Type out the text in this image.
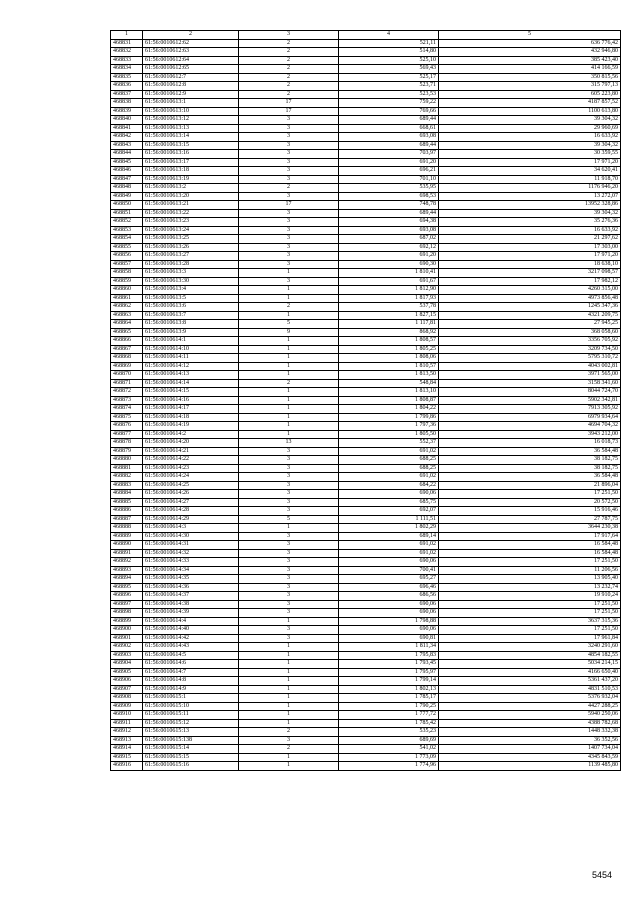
1	2	3	4	5
468831	61:56:0010612:62	2	521,11	636 776,42
468832	61:56:0010612:63	2	514,80	432 946,80
468833	61:56:0010612:64	2	525,10	385 423,40
468834	61:56:0010612:65	2	569,43	414 166,59
468835	61:56:0010612:7	2	525,17	350 815,56
468836	61:56:0010612:8	2	523,71	315 797,13
468837	61:56:0010612:9	2	523,53	605 223,80
468838	61:56:0010613:1	17	759,22	4187 857,52
468839	61:56:0010613:10	17	769,66	1100 613,80
468840	61:56:0010613:12	3	689,44	39 304,32
468841	61:56:0010613:13	3	668,61	29 960,69
468842	61:56:0010613:14	3	693,08	16 633,92
468843	61:56:0010613:15	3	689,44	39 304,32
468844	61:56:0010613:16	3	703,97	30 359,55
468845	61:56:0010613:17	3	691,20	17 971,20
468846	61:56:0010613:18	3	696,21	34 620,41
468847	61:56:0010613:19	3	701,10	11 918,70
468848	61:56:0010613:2	2	535,95	1176 946,20
468849	61:56:0010613:20	3	698,53	13 272,07
468850	61:56:0010613:21	17	748,78	13952 328,86
468851	61:56:0010613:22	3	689,44	39 304,32
468852	61:56:0010613:23	3	694,38	35 276,36
468853	61:56:0010613:24	3	693,08	16 633,92
468854	61:56:0010613:25	3	687,02	21 297,62
468855	61:56:0010613:26	3	692,12	17 303,00
468856	61:56:0010613:27	3	691,20	17 971,20
468857	61:56:0010613:28	3	690,30	18 638,10
468858	61:56:0010613:3	1	1 810,41	3217 098,57
468859	61:56:0010613:30	3	691,67	17 982,12
468860	61:56:0010613:4	1	1 812,90	4260 315,00
468861	61:56:0010613:5	1	1 817,93	4973 856,48
468862	61:56:0010613:6	2	537,78	1245 347,36
468863	61:56:0010613:7	1	1 827,15	4321 209,75
468864	61:56:0010613:8	5	1 117,81	27 945,25
468865	61:56:0010613:9	9	868,92	368 058,60
468866	61:56:0010614:1	1	1 808,57	3356 705,92
468867	61:56:0010614:10	1	1 805,25	3209 734,50
468868	61:56:0010614:11	1	1 808,06	5795 310,72
468869	61:56:0010614:12	1	1 810,57	4043 002,81
468870	61:56:0010614:13	1	1 813,50	3971 565,00
468871	61:56:0010614:14	2	548,84	3158 341,60
468872	61:56:0010614:15	1	1 813,10	8044 724,70
468873	61:56:0010614:16	1	1 808,87	5902 342,81
468874	61:56:0010614:17	1	1 804,22	7913 305,92
468875	61:56:0010614:18	1	1 799,86	6979 934,64
468876	61:56:0010614:19	1	1 797,36	4694 704,32
468877	61:56:0010614:2	1	1 805,50	3943 212,00
468878	61:56:0010614:20	13	552,37	16 018,73
468879	61:56:0010614:21	3	691,02	36 584,48
468880	61:56:0010614:22	3	688,25	38 182,75
468881	61:56:0010614:23	3	688,25	38 182,75
468882	61:56:0010614:24	3	691,02	36 584,48
468883	61:56:0010614:25	3	684,22	21 896,04
468884	61:56:0010614:26	3	690,06	17 251,50
468885	61:56:0010614:27	3	685,75	20 572,50
468886	61:56:0010614:28	3	692,07	15 916,46
468887	61:56:0010614:29	5	1 111,51	27 787,75
468888	61:56:0010614:3	1	1 802,29	3644 230,38
468889	61:56:0010614:30	3	689,14	17 917,64
468890	61:56:0010614:31	3	691,02	16 584,48
468891	61:56:0010614:32	3	691,02	16 584,48
468892	61:56:0010614:33	3	690,06	17 251,50
468893	61:56:0010614:34	3	700,41	11 206,56
468894	61:56:0010614:35	3	695,27	13 905,40
468895	61:56:0010614:36	3	696,46	13 232,74
468896	61:56:0010614:37	3	686,56	19 910,24
468897	61:56:0010614:38	3	690,06	17 251,50
468898	61:56:0010614:39	3	690,06	17 251,50
468899	61:56:0010614:4	1	1 798,88	3637 315,36
468900	61:56:0010614:40	3	690,06	17 251,50
468901	61:56:0010614:42	3	690,81	17 961,84
468902	61:56:0010614:43	1	1 811,34	3240 291,60
468903	61:56:0010614:5	1	1 795,83	4854 182,55
468904	61:56:0010614:6	1	1 793,45	5034 214,15
468905	61:56:0010614:7	1	1 795,97	4166 650,40
468906	61:56:0010614:8	1	1 799,14	5361 437,20
468907	61:56:0010614:9	1	1 802,13	4831 510,53
468908	61:56:0010615:1	1	1 785,17	5376 932,04
468909	61:56:0010615:10	1	1 790,25	4427 288,25
468910	61:56:0010615:11	1	1 777,72	5940 250,06
468911	61:56:0010615:12	1	1 785,42	4388 782,68
468912	61:56:0010615:13	2	535,23	1448 332,38
468913	61:56:0010615:138	3	689,69	36 352,56
468914	61:56:0010615:14	2	541,02	1407 734,04
468915	61:56:0010615:15	1	1 773,09	4345 843,59
468916	61:56:0010615:16	1	1 774,96	1139 485,80
5454
